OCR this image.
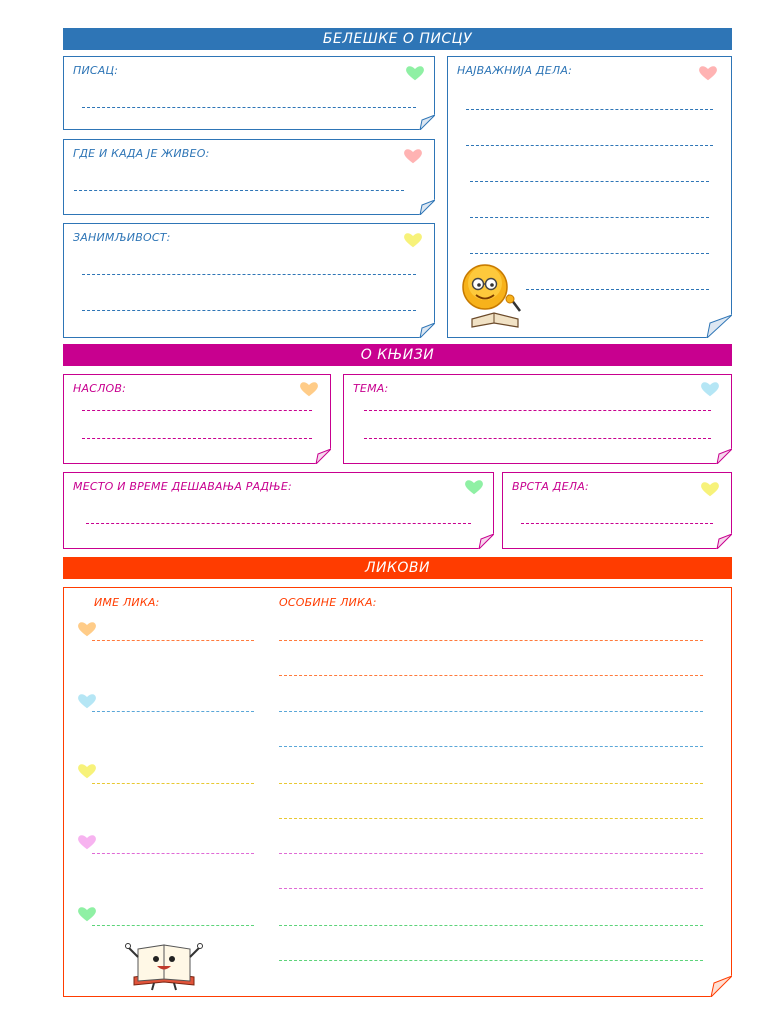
БЕЛЕШКЕ О ПИСЦУ
ПИСАЦ:
ГДЕ И КАДА ЈЕ ЖИВЕО:
ЗАНИМЉИВОСТ:
НАЈВАЖНИЈА ДЕЛА:
О КЊИЗИ
НАСЛОВ:	ТЕМА:
МЕСТО И ВРЕМЕ ДЕШАВАЊА РАДЊЕ:	ВРСТА ДЕЛА:
ЛИКОВИ
ИМЕ ЛИКА:	ОСОБИНЕ ЛИКА:
